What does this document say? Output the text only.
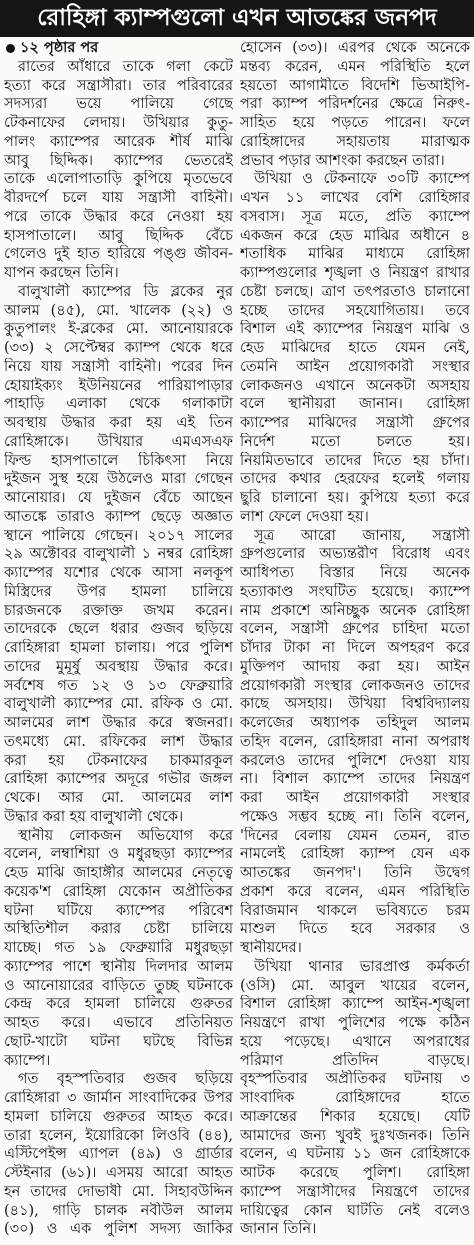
রোহিঙ্গা ক্যাম্পগুলো এখন আতঙ্কের জনপদ
১২ পৃষ্ঠার পর
রাতের আঁধারে তাকে গলা কেটে
হত্যা করে সন্ত্রাসীরা। তার পরিবারের
সদস্যরা ভয়ে পালিয়ে গেছে
টেকনাফের লেদায়। উখিয়ার কুতু-
পালং ক্যাম্পের আরেক শীর্ষ মাঝি
আবু ছিদ্দিক। ক্যাম্পের ভেতরেই
তাকে এলোপাতাড়ি কুপিয়ে মৃতভেবে
বীরদর্পে চলে যায় সন্ত্রাসী বাহিনী।
পরে তাকে উদ্ধার করে নেওয়া হয়
হাসপাতালে। আবু ছিদ্দিক বেঁচে
গেলেও দুই হাত হারিয়ে পঙ্গু জীবন-
যাপন করছেন তিনি।
বালুখালী ক্যাম্পের ডি ব্লকের নুর
আলম (৪৫), মো. খালেক (২২) ও
কুতুপালং ই-ব্লকের মো. আনোয়ারকে
(৩৩) ২ সেপ্টেম্বর ক্যাম্প থেকে ধরে
নিয়ে যায় সন্ত্রাসী বাহিনী। পরের দিন
হোয়াইক্যং ইউনিয়নের পারিয়াপাড়ার
পাহাড়ি এলাকা থেকে গলাকাটা
অবস্থায় উদ্ধার করা হয় এই তিন
রোহিঙ্গাকে। উখিয়ার এমএসএফ
ফিল্ড হাসপাতালে চিকিৎসা নিয়ে
দুইজন সুস্থ হয়ে উঠলেও মারা গেছেন
আনোয়ার। যে দুইজন বেঁচে আছেন
আতঙ্কে তারাও ক্যাম্প ছেড়ে অজ্ঞাত
স্থানে পালিয়ে গেছেন। ২০১৭ সালের
২৯ অক্টোবর বালুখালী ১ নম্বর রোহিঙ্গা
ক্যাম্পের যশোর থেকে আসা নলকূপ
মিস্ত্রিদের উপর হামলা চালিয়ে
চারজনকে রক্তাক্ত জখম করেন।
তাদেরকে ছেলে ধরার গুজব ছড়িয়ে
রোহিঙ্গারা হামলা চালায়। পরে পুলিশ
তাদের মুমূর্ষু অবস্থায় উদ্ধার করে।
সর্বশেষ গত ১২ ও ১৩ ফেব্রুয়ারি
বালুখালী ক্যাম্পের মো. রফিক ও মো.
আলমের লাশ উদ্ধার করে স্বজনরা।
তৎমধ্যে মো. রফিকের লাশ উদ্ধার
করা হয় টেকনাফের চাকমারকূল
রোহিঙ্গা ক্যাম্পের অদূরে গভীর জঙ্গল
থেকে। আর মো. আলমের লাশ
উদ্ধার করা হয় বালুখালী থেকে।
স্থানীয় লোকজন অভিযোগ করে
বলেন, লম্বাশিয়া ও মধুরছড়া ক্যাম্পের
হেড মাঝি জাহাঙ্গীর আলমের নেতৃত্বে
কয়েক'শ রোহিঙ্গা যেকোন অপ্রীতিকর
ঘটনা ঘটিয়ে ক্যাম্পের পরিবেশ
অস্থিতিশীল করার চেষ্টা চালিয়ে
যাচ্ছে। গত ১৯ ফেব্রুয়ারি মধুরছড়া
ক্যাম্পের পাশে স্থানীয় দিলদার আলম
ও আনোয়ারের বাড়িতে তুচ্ছ ঘটনাকে
কেন্দ্র করে হামলা চালিয়ে গুরুতর
আহত করে। এভাবে প্রতিনিয়ত
ছোট-খাটো ঘটনা ঘটছে বিভিন্ন
ক্যাম্পে।
গত বৃহস্পতিবার গুজব ছড়িয়ে
রোহিঙ্গারা ৩ জার্মান সাংবাদিকের উপর
হামলা চালিয়ে গুরুতর আহত করে।
তারা হলেন, ইয়োরিকো লিওবি (৪৪),
এস্টিপেইন্স এ্যাপল (৪৯) ও গ্রার্ডার
স্টেইনার (৬১)। এসময় আরো আহত
হন তাদের দোভাষী মো. সিহাবউদ্দিন
(৪১), গাড়ি চালক নবীউল আলম
(৩০) ও এক পুলিশ সদস্য জাকির
হোসেন (৩৩)। এরপর থেকে অনেকে
মন্তব্য করেন, এমন পরিস্থিতি হলে
হয়তো আগামীতে বিদেশি ভিআইপি-
পরা ক্যাম্প পরিদর্শনের ক্ষেত্রে নিরুৎ-
সাহিত হয়ে পড়তে পারেন। ফলে
রোহিঙ্গাদের সহায়তায় মারাত্মক
প্রভাব পড়ার আশংকা করছেন তারা।
উখিয়া ও টেকনাফে ৩০টি ক্যাম্পে
এখন ১১ লাখের বেশি রোহিঙ্গার
বসবাস। সূত্র মতে, প্রতি ক্যাম্পে
একজন করে হেড মাঝির অধীনে ৪
শতাধিক মাঝির মাধ্যমে রোহিঙ্গা
ক্যাম্পগুলোর শৃঙ্খলা ও নিয়ন্ত্রণ রাখার
চেষ্টা চলছে। ত্রাণ তৎপরতাও চালানো
হচ্ছে তাদের সহযোগিতায়। তবে
বিশাল এই ক্যাম্পের নিয়ন্ত্রণ মাঝি ও
হেড মাঝিদের হাতে যেমন নেই,
তেমনি আইন প্রয়োগকারী সংস্থার
লোকজনও এখানে অনেকটা অসহায়
বলে স্থানীয়রা জানান। রোহিঙ্গা
ক্যাম্পের মাঝিদের সন্ত্রাসী গ্রুপের
নির্দেশ মতো চলতে হয়।
নিয়মিতভাবে তাদের দিতে হয় চাঁদা।
তাদের কথার হেরফের হলেই গলায়
ছুরি চালানো হয়। কুপিয়ে হত্যা করে
লাশ ফেলে দেওয়া হয়।
সূত্র আরো জানায়, সন্ত্রাসী
গ্রুপগুলোর অভ্যন্তরীণ বিরোধ এবং
আধিপত্য বিস্তার নিয়ে অনেক
হত্যাকাণ্ড সংঘটিত হয়েছে। ক্যাম্পে
নাম প্রকাশে অনিচ্ছুক অনেক রোহিঙ্গা
বলেন, সন্ত্রাসী গ্রুপের চাহিদা মতো
চাঁদার টাকা না দিলে অপহরণ করে
মুক্তিপণ আদায় করা হয়। আইন
প্রয়োগকারী সংস্থার লোকজনও তাদের
কাছে অসহায়। উখিয়া বিশ্ববিদ্যালয়
কলেজের অধ্যাপক তহিদুল আলম
তহিদ বলেন, রোহিঙ্গারা নানা অপরাধ
করলেও তাদের পুলিশে দেওয়া যায়
না। বিশাল ক্যাম্পে তাদের নিয়ন্ত্রণ
করা আইন প্রয়োগকারী সংস্থার
পক্ষেও সম্ভব হচ্ছে না। তিনি বলেন,
'দিনের বেলায় যেমন তেমন, রাত
নামলেই রোহিঙ্গা ক্যাম্প যেন এক
আতঙ্কের জনপদ'। তিনি উদ্বেগ
প্রকাশ করে বলেন, এমন পরিস্থিতি
বিরাজমান থাকলে ভবিষ্যতে চরম
মাশুল দিতে হবে সরকার ও
স্থানীয়দের।
উখিয়া থানার ভারপ্রাপ্ত কর্মকর্তা
(ওসি) মো. আবুল খায়ের বলেন,
বিশাল রোহিঙ্গা ক্যাম্পে আইন-শৃঙ্খলা
নিয়ন্ত্রণে রাখা পুলিশের পক্ষে কঠিন
হয়ে পড়েছে। এখানে অপরাধের
পরিমাণ প্রতিদিন বাড়ছে।
বৃহস্পতিবার অপ্রীতিকর ঘটনায় ৩
সাংবাদিক রোহিঙ্গাদের হাতে
আক্রান্তের শিকার হয়েছে। যেটি
আমাদের জন্য খুবই দুঃখজনক। তিনি
বলেন, এ ঘটনায় ১১ জন রোহিঙ্গাকে
আটক করেছে পুলিশ। রোহিঙ্গা
ক্যাম্পে সন্ত্রাসীদের নিয়ন্ত্রণে তাদের
দায়িত্বের কোন ঘাটতি নেই বলেও
জানান তিনি।
